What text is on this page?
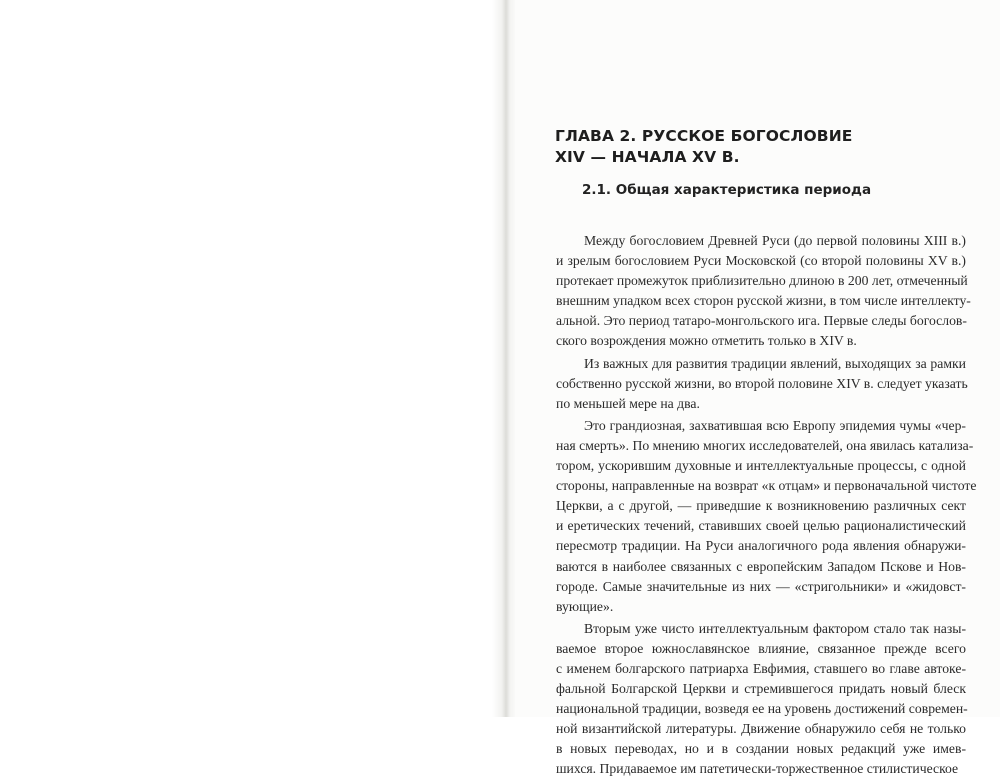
ГЛАВА 2. РУССКОЕ БОГОСЛОВИЕ
XIV — НАЧАЛА XV В.
2.1. Общая характеристика периода

Между богословием Древней Руси (до первой половины XIII в.)
и зрелым богословием Руси Московской (со второй половины XV в.)
протекает промежуток приблизительно длиною в 200 лет, отмеченный
внешним упадком всех сторон русской жизни, в том числе интеллекту-
альной. Это период татаро-монгольского ига. Первые следы богослов-
ского возрождения можно отметить только в XIV в.

Из важных для развития традиции явлений, выходящих за рамки
собственно русской жизни, во второй половине XIV в. следует указать
по меньшей мере на два.

Это грандиозная, захватившая всю Европу эпидемия чумы «чер-
ная смерть». По мнению многих исследователей, она явилась катализа-
тором, ускорившим духовные и интеллектуальные процессы, с одной
стороны, направленные на возврат «к отцам» и первоначальной чистоте
Церкви, а с другой, — приведшие к возникновению различных сект
и еретических течений, ставивших своей целью рационалистический
пересмотр традиции. На Руси аналогичного рода явления обнаружи-
ваются в наиболее связанных с европейским Западом Пскове и Нов-
городе. Самые значительные из них — «стригольники» и «жидовст-
вующие».

Вторым уже чисто интеллектуальным фактором стало так назы-
ваемое второе южнославянское влияние, связанное прежде всего
с именем болгарского патриарха Евфимия, ставшего во главе автоке-
фальной Болгарской Церкви и стремившегося придать новый блеск
национальной традиции, возведя ее на уровень достижений современ-
ной византийской литературы. Движение обнаружило себя не только
в новых переводах, но и в создании новых редакций уже имев-
шихся. Придаваемое им патетически-торжественное стилистическое
